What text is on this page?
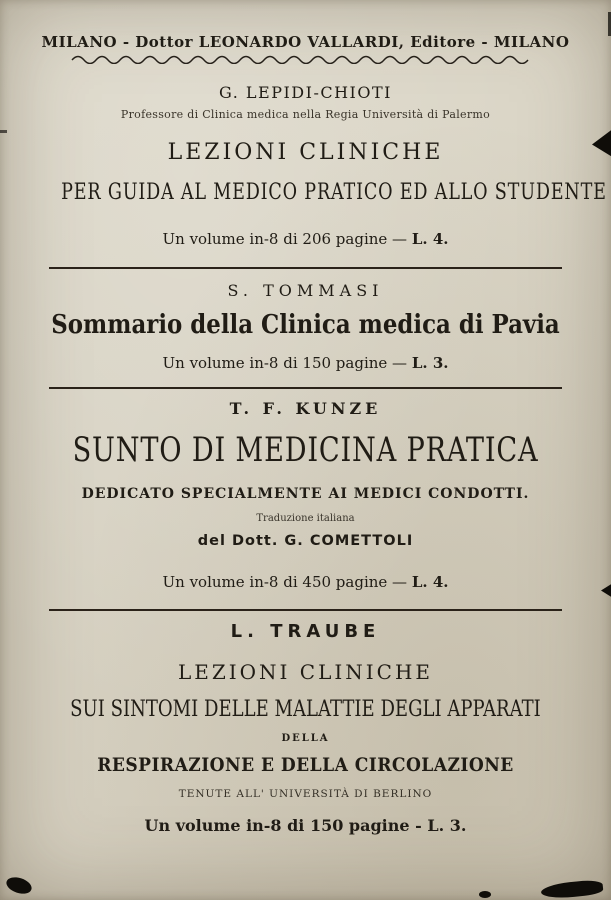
MILANO - Dottor LEONARDO VALLARDI, Editore - MILANO
G. LEPIDI-CHIOTI
Professore di Clinica medica nella Regia Università di Palermo
LEZIONI CLINICHE
PER GUIDA AL MEDICO PRATICO ED ALLO STUDENTE
Un volume in-8 di 206 pagine — L. 4.
S. TOMMASI
Sommario della Clinica medica di Pavia
Un volume in-8 di 150 pagine — L. 3.
T. F. KUNZE
SUNTO DI MEDICINA PRATICA
DEDICATO SPECIALMENTE AI MEDICI CONDOTTI.
Traduzione italiana
del Dott. G. COMETTOLI
Un volume in-8 di 450 pagine — L. 4.
L. TRAUBE
LEZIONI CLINICHE
SUI SINTOMI DELLE MALATTIE DEGLI APPARATI
DELLA
RESPIRAZIONE E DELLA CIRCOLAZIONE
TENUTE ALL' UNIVERSITÀ DI BERLINO
Un volume in-8 di 150 pagine - L. 3.
